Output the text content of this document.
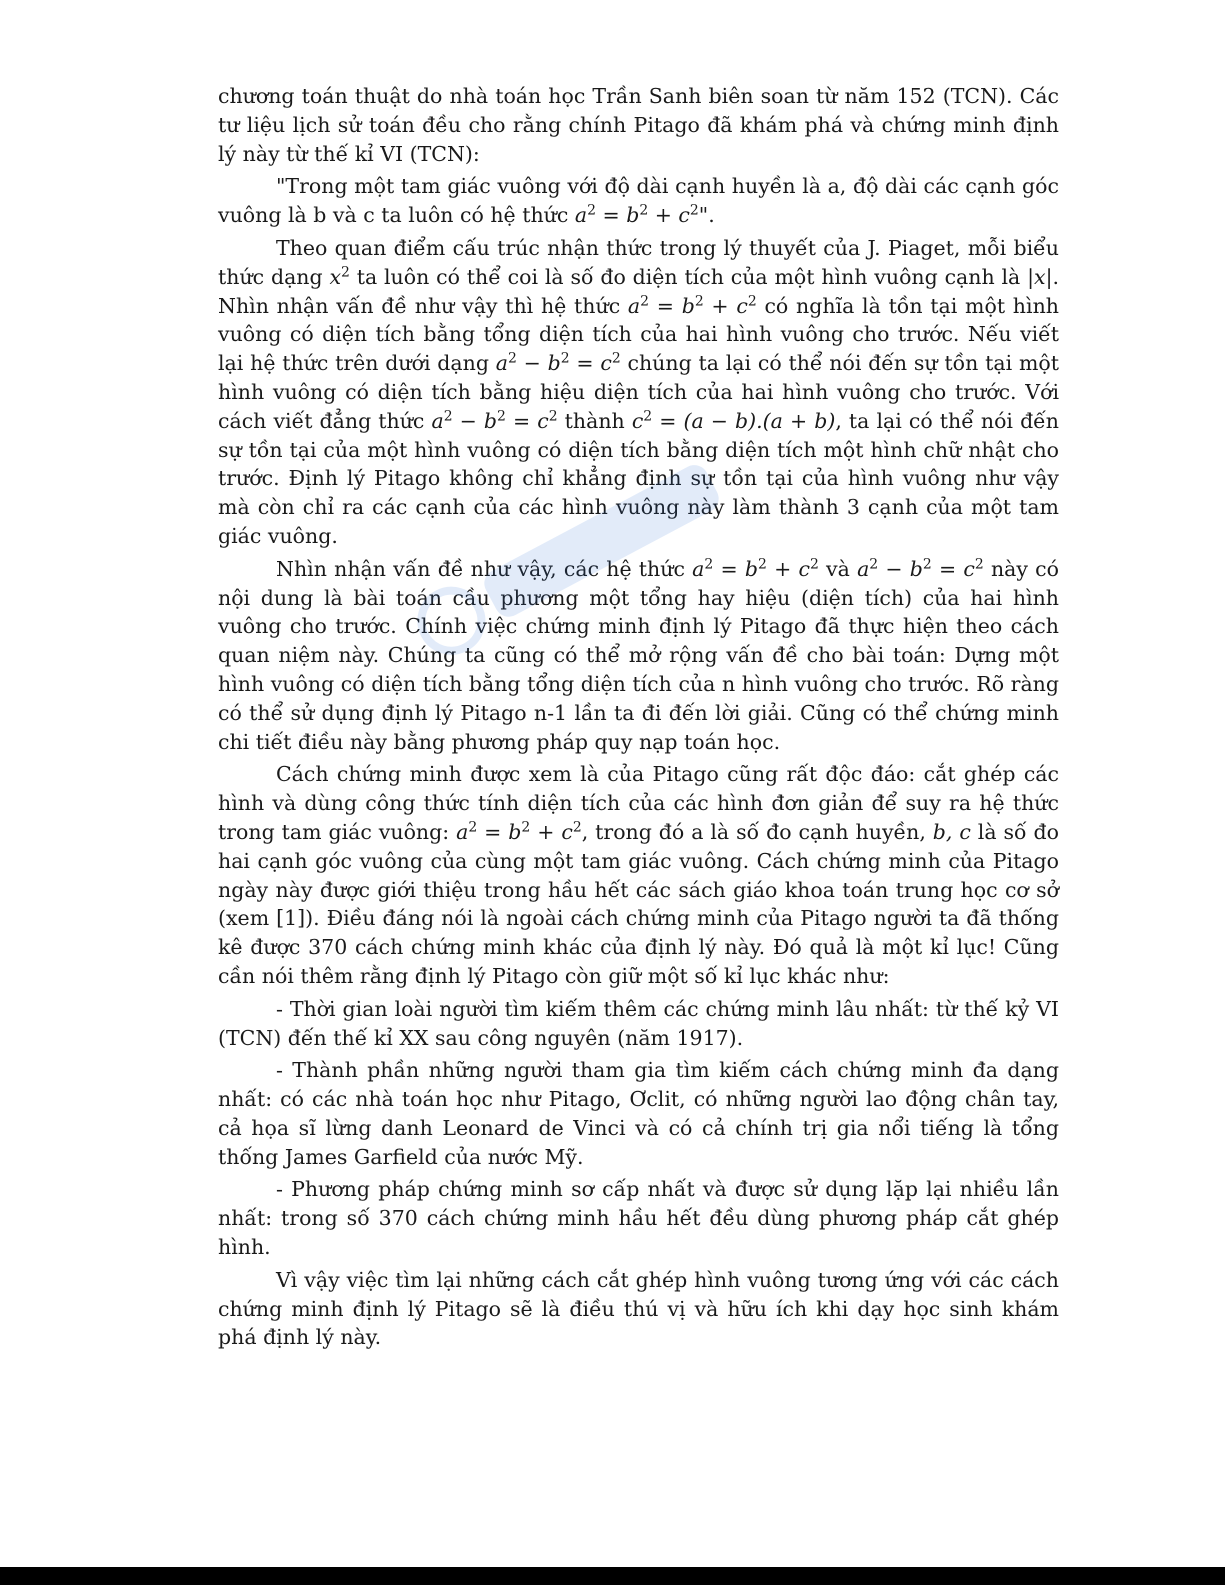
chương toán thuật do nhà toán học Trần Sanh biên soan từ năm 152 (TCN). Các tư liệu lịch sử toán đều cho rằng chính Pitago đã khám phá và chứng minh định lý này từ thế kỉ VI (TCN):

"Trong một tam giác vuông với độ dài cạnh huyền là a, độ dài các cạnh góc vuông là b và c ta luôn có hệ thức $a^2 = b^2 + c^2$".

Theo quan điểm cấu trúc nhận thức trong lý thuyết của J. Piaget, mỗi biểu thức dạng $x^2$ ta luôn có thể coi là số đo diện tích của một hình vuông cạnh là |x|. Nhìn nhận vấn đề như vậy thì hệ thức $a^2 = b^2 + c^2$ có nghĩa là tồn tại một hình vuông có diện tích bằng tổng diện tích của hai hình vuông cho trước. Nếu viết lại hệ thức trên dưới dạng $a^2 - b^2 = c^2$ chúng ta lại có thể nói đến sự tồn tại một hình vuông có diện tích bằng hiệu diện tích của hai hình vuông cho trước. Với cách viết đẳng thức $a^2 - b^2 = c^2$ thành $c^2 = (a - b).(a + b)$, ta lại có thể nói đến sự tồn tại của một hình vuông có diện tích bằng diện tích một hình chữ nhật cho trước. Định lý Pitago không chỉ khẳng định sự tồn tại của hình vuông như vậy mà còn chỉ ra các cạnh của các hình vuông này làm thành 3 cạnh của một tam giác vuông.

Nhìn nhận vấn đề như vậy, các hệ thức $a^2 = b^2 + c^2$ và $a^2 - b^2 = c^2$ này có nội dung là bài toán cầu phương một tổng hay hiệu (diện tích) của hai hình vuông cho trước. Chính việc chứng minh định lý Pitago đã thực hiện theo cách quan niệm này. Chúng ta cũng có thể mở rộng vấn đề cho bài toán: Dựng một hình vuông có diện tích bằng tổng diện tích của n hình vuông cho trước. Rõ ràng có thể sử dụng định lý Pitago n-1 lần ta đi đến lời giải. Cũng có thể chứng minh chi tiết điều này bằng phương pháp quy nạp toán học.

Cách chứng minh được xem là của Pitago cũng rất độc đáo: cắt ghép các hình và dùng công thức tính diện tích của các hình đơn giản để suy ra hệ thức trong tam giác vuông: $a^2 = b^2 + c^2$, trong đó a là số đo cạnh huyền, b, c là số đo hai cạnh góc vuông của cùng một tam giác vuông. Cách chứng minh của Pitago ngày này được giới thiệu trong hầu hết các sách giáo khoa toán trung học cơ sở (xem [1]). Điều đáng nói là ngoài cách chứng minh của Pitago người ta đã thống kê được 370 cách chứng minh khác của định lý này. Đó quả là một kỉ lục! Cũng cần nói thêm rằng định lý Pitago còn giữ một số kỉ lục khác như:

- Thời gian loài người tìm kiếm thêm các chứng minh lâu nhất: từ thế kỷ VI (TCN) đến thế kỉ XX sau công nguyên (năm 1917).

- Thành phần những người tham gia tìm kiếm cách chứng minh đa dạng nhất: có các nhà toán học như Pitago, Ơclit, có những người lao động chân tay, cả họa sĩ lừng danh Leonard de Vinci và có cả chính trị gia nổi tiếng là tổng thống James Garfield của nước Mỹ.

- Phương pháp chứng minh sơ cấp nhất và được sử dụng lặp lại nhiều lần nhất: trong số 370 cách chứng minh hầu hết đều dùng phương pháp cắt ghép hình.

Vì vậy việc tìm lại những cách cắt ghép hình vuông tương ứng với các cách chứng minh định lý Pitago sẽ là điều thú vị và hữu ích khi dạy học sinh khám phá định lý này.
